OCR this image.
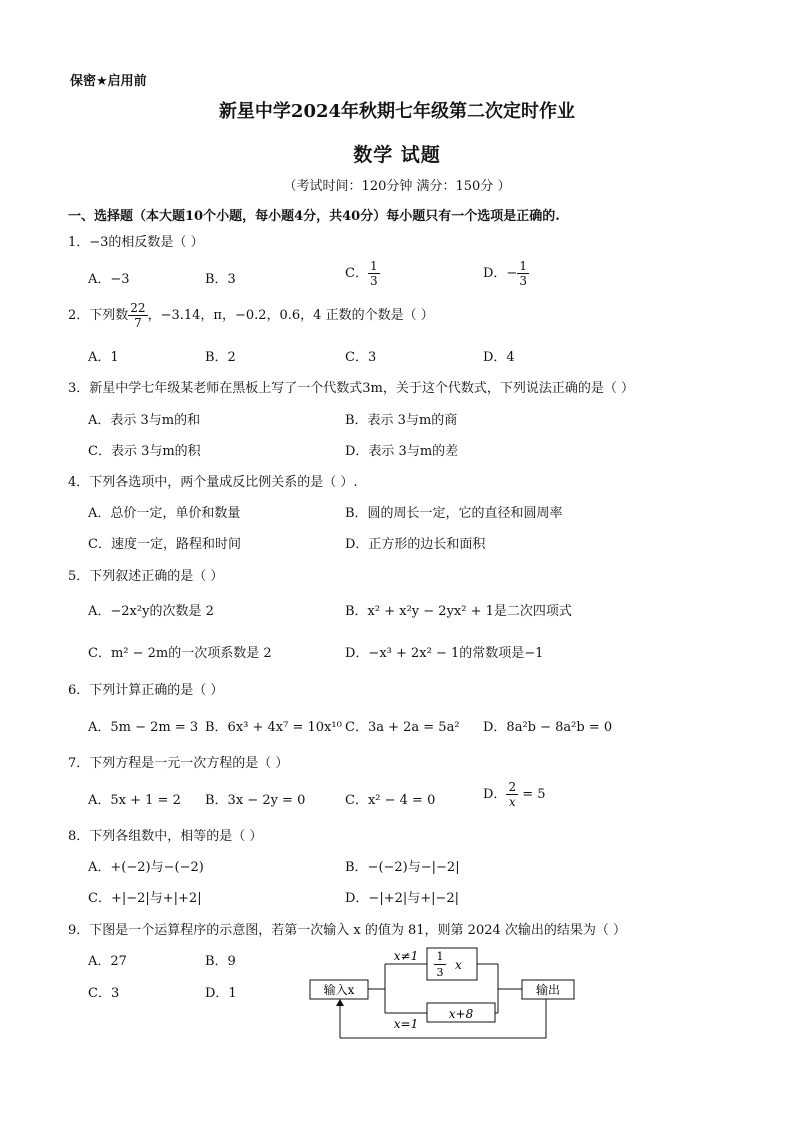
保密★启用前
新星中学2024年秋期七年级第二次定时作业
数学 试题
（考试时间：120分钟 满分：150分 ）
一、选择题（本大题10个小题，每小题4分，共40分）每小题只有一个选项是正确的.
1．−3的相反数是（ ）
A．−3	B．3	C． $\frac{1}{3}$	D．− $\frac{1}{3}$
2．下列数 $\frac{22}{7}$ ，−3.14，π，−0.2，0.6，4 正数的个数是（ ）
A．1	B．2	C．3	D．4
3．新星中学七年级某老师在黑板上写了一个代数式3m，关于这个代数式，下列说法正确的是（ ）
A．表示 3与m的和	B．表示 3与m的商
C．表示 3与m的积	D．表示 3与m的差
4．下列各选项中，两个量成反比例关系的是（ ）.
A．总价一定，单价和数量	B．圆的周长一定，它的直径和圆周率
C．速度一定，路程和时间	D．正方形的边长和面积
5．下列叙述正确的是（ ）
A．−2x²y的次数是 2	B．x² + x²y − 2yx² + 1是二次四项式
C．m² − 2m的一次项系数是 2	D．−x³ + 2x² − 1的常数项是−1
6．下列计算正确的是（ ）
A．5m − 2m = 3 B．6x³ + 4x⁷ = 10x¹⁰ C．3a + 2a = 5a² D．8a²b − 8a²b = 0
7．下列方程是一元一次方程的是（ ）
A．5x + 1 = 2 B．3x − 2y = 0	C．x² − 4 = 0	D． $\frac{2}{x} = 5$
8．下列各组数中，相等的是（ ）
A．+(−2)与−(−2)	B．−(−2)与−|−2|
C．+|−2|与+|+2|	D．−|+2|与+|−2|
9．下图是一个运算程序的示意图，若第一次输入 x 的值为 81，则第 2024 次输出的结果为（ ）
A．27	B．9
C．3	D．1	输入x	输出
x≠1 1
3
x
x=1
x+8
